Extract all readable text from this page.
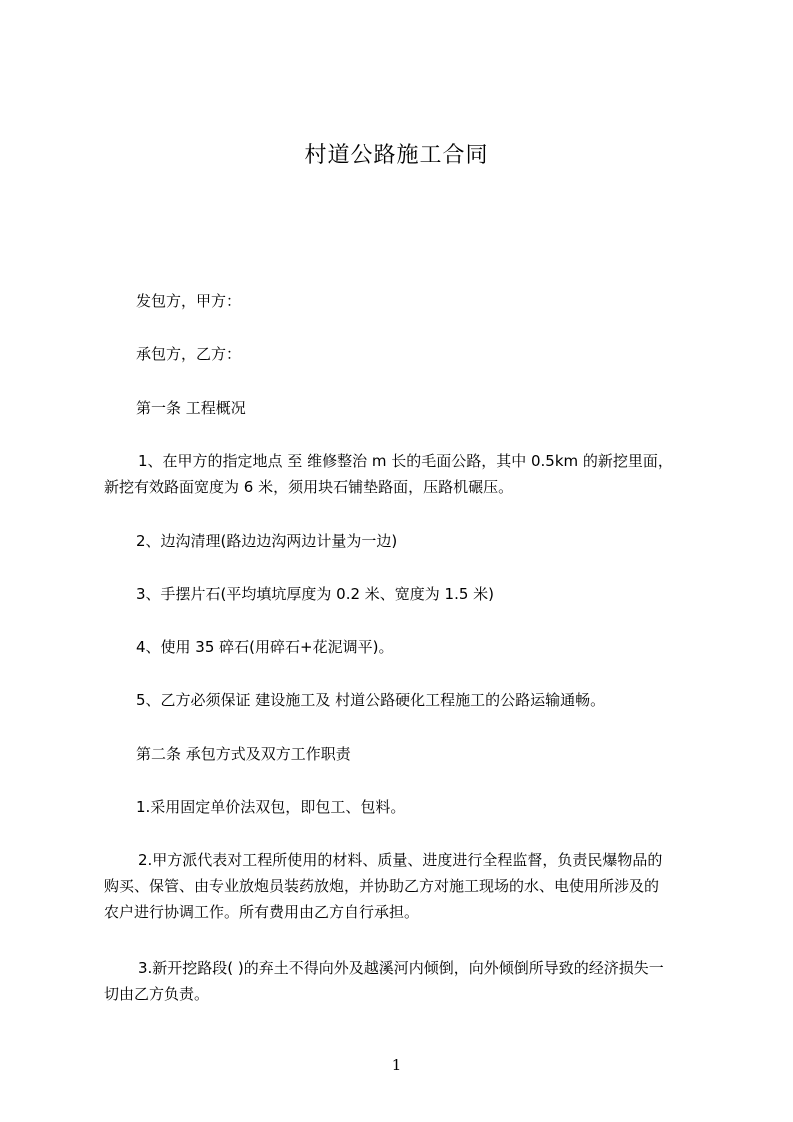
村道公路施工合同
发包方，甲方：
承包方，乙方：
第一条 工程概况
1、在甲方的指定地点 至 维修整治 m 长的毛面公路，其中 0.5km 的新挖里面，
新挖有效路面宽度为 6 米，须用块石铺垫路面，压路机碾压。
2、边沟清理(路边边沟两边计量为一边)
3、手摆片石(平均填坑厚度为 0.2 米、宽度为 1.5 米)
4、使用 35 碎石(用碎石+花泥调平)。
5、乙方必须保证 建设施工及 村道公路硬化工程施工的公路运输通畅。
第二条 承包方式及双方工作职责
1.采用固定单价法双包，即包工、包料。
2.甲方派代表对工程所使用的材料、质量、进度进行全程监督，负责民爆物品的
购买、保管、由专业放炮员装药放炮，并协助乙方对施工现场的水、电使用所涉及的
农户进行协调工作。所有费用由乙方自行承担。
3.新开挖路段( )的弃土不得向外及越溪河内倾倒，向外倾倒所导致的经济损失一
切由乙方负责。
1
